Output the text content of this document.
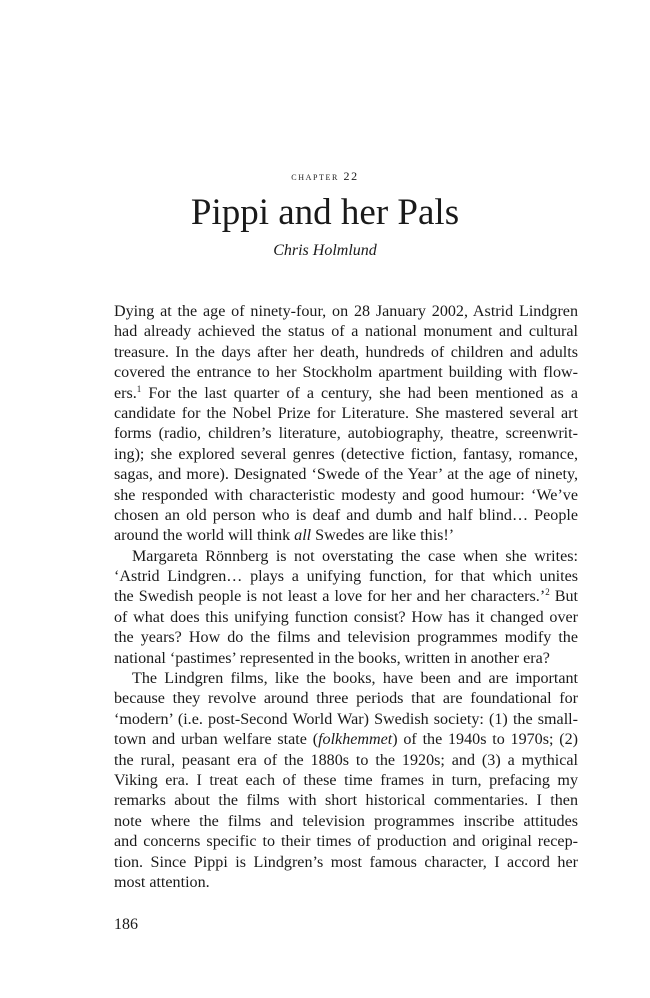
chapter 22
Pippi and her Pals
Chris Holmlund
Dying at the age of ninety-four, on 28 January 2002, Astrid Lindgren
had already achieved the status of a national monument and cultural
treasure. In the days after her death, hundreds of children and adults
covered the entrance to her Stockholm apartment building with flow-
ers.$^1$ For the last quarter of a century, she had been mentioned as a
candidate for the Nobel Prize for Literature. She mastered several art
forms (radio, children’s literature, autobiography, theatre, screenwrit-
ing); she explored several genres (detective fiction, fantasy, romance,
sagas, and more). Designated ‘Swede of the Year’ at the age of ninety,
she responded with characteristic modesty and good humour: ‘We’ve
chosen an old person who is deaf and dumb and half blind… People
around the world will think all Swedes are like this!’
Margareta Rönnberg is not overstating the case when she writes:
‘Astrid Lindgren… plays a unifying function, for that which unites
the Swedish people is not least a love for her and her characters.’$^2$ But
of what does this unifying function consist? How has it changed over
the years? How do the films and television programmes modify the
national ‘pastimes’ represented in the books, written in another era?
The Lindgren films, like the books, have been and are important
because they revolve around three periods that are foundational for
‘modern’ (i.e. post-Second World War) Swedish society: (1) the small-
town and urban welfare state (folkhemmet) of the 1940s to 1970s; (2)
the rural, peasant era of the 1880s to the 1920s; and (3) a mythical
Viking era. I treat each of these time frames in turn, prefacing my
remarks about the films with short historical commentaries. I then
note where the films and television programmes inscribe attitudes
and concerns specific to their times of production and original recep-
tion. Since Pippi is Lindgren’s most famous character, I accord her
most attention.
186
